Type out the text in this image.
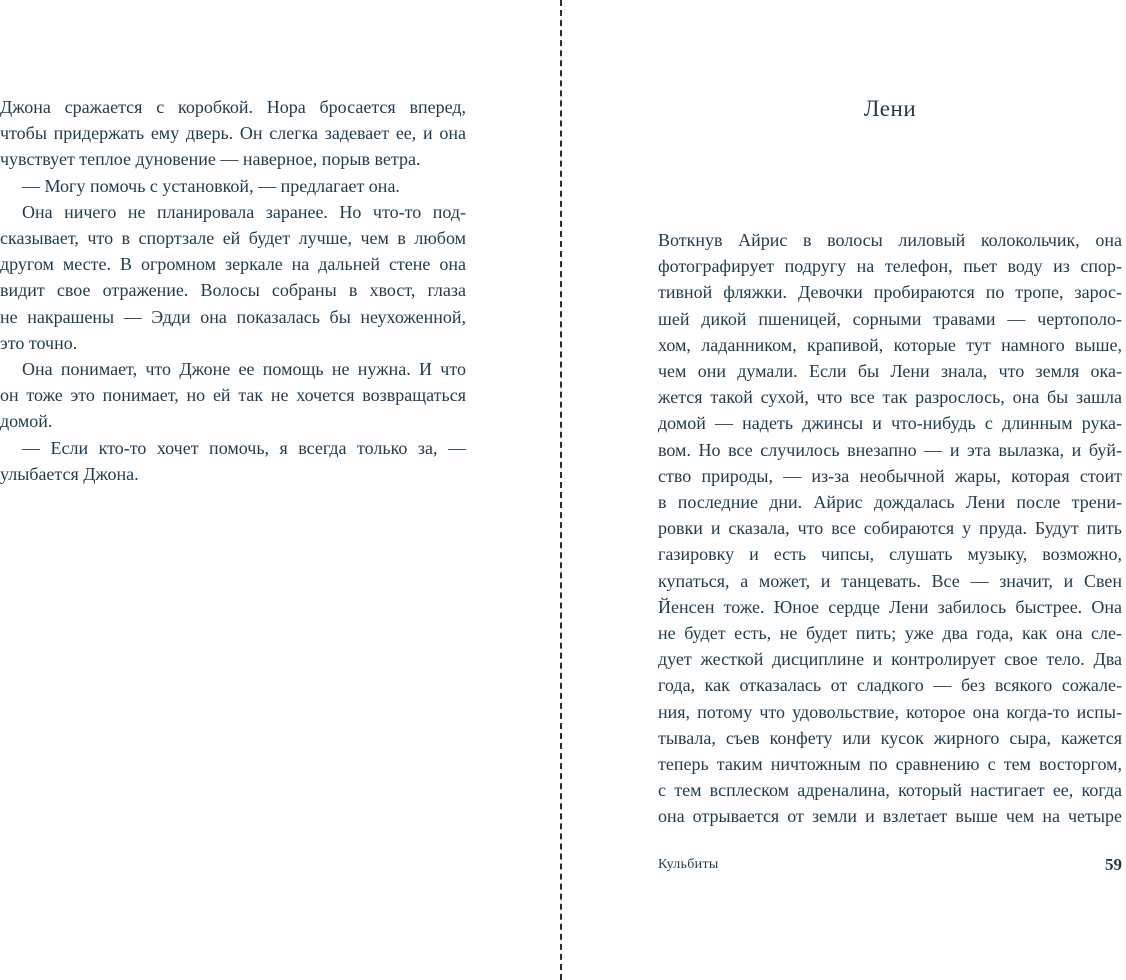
Джона сражается с коробкой. Нора бросается вперед,
чтобы придержать ему дверь. Он слегка задевает ее, и она
чувствует теплое дуновение — наверное, порыв ветра.
— Могу помочь с установкой, — предлагает она.
Она ничего не планировала заранее. Но что-то под-
сказывает, что в спортзале ей будет лучше, чем в любом
другом месте. В огромном зеркале на дальней стене она
видит свое отражение. Волосы собраны в хвост, глаза
не накрашены — Эдди она показалась бы неухоженной,
это точно.
Она понимает, что Джоне ее помощь не нужна. И что
он тоже это понимает, но ей так не хочется возвращаться
домой.
— Если кто-то хочет помочь, я всегда только за, —
улыбается Джона.
Лени
Воткнув Айрис в волосы лиловый колокольчик, она
фотографирует подругу на телефон, пьет воду из спор-
тивной фляжки. Девочки пробираются по тропе, зарос-
шей дикой пшеницей, сорными травами — чертополо-
хом, ладанником, крапивой, которые тут намного выше,
чем они думали. Если бы Лени знала, что земля ока-
жется такой сухой, что все так разрослось, она бы зашла
домой — надеть джинсы и что-нибудь с длинным рука-
вом. Но все случилось внезапно — и эта вылазка, и буй-
ство природы, — из-за необычной жары, которая стоит
в последние дни. Айрис дождалась Лени после трени-
ровки и сказала, что все собираются у пруда. Будут пить
газировку и есть чипсы, слушать музыку, возможно,
купаться, а может, и танцевать. Все — значит, и Свен
Йенсен тоже. Юное сердце Лени забилось быстрее. Она
не будет есть, не будет пить; уже два года, как она сле-
дует жесткой дисциплине и контролирует свое тело. Два
года, как отказалась от сладкого — без всякого сожале-
ния, потому что удовольствие, которое она когда-то испы-
тывала, съев конфету или кусок жирного сыра, кажется
теперь таким ничтожным по сравнению с тем восторгом,
с тем всплеском адреналина, который настигает ее, когда
она отрывается от земли и взлетает выше чем на четыре
Кульбиты	59
